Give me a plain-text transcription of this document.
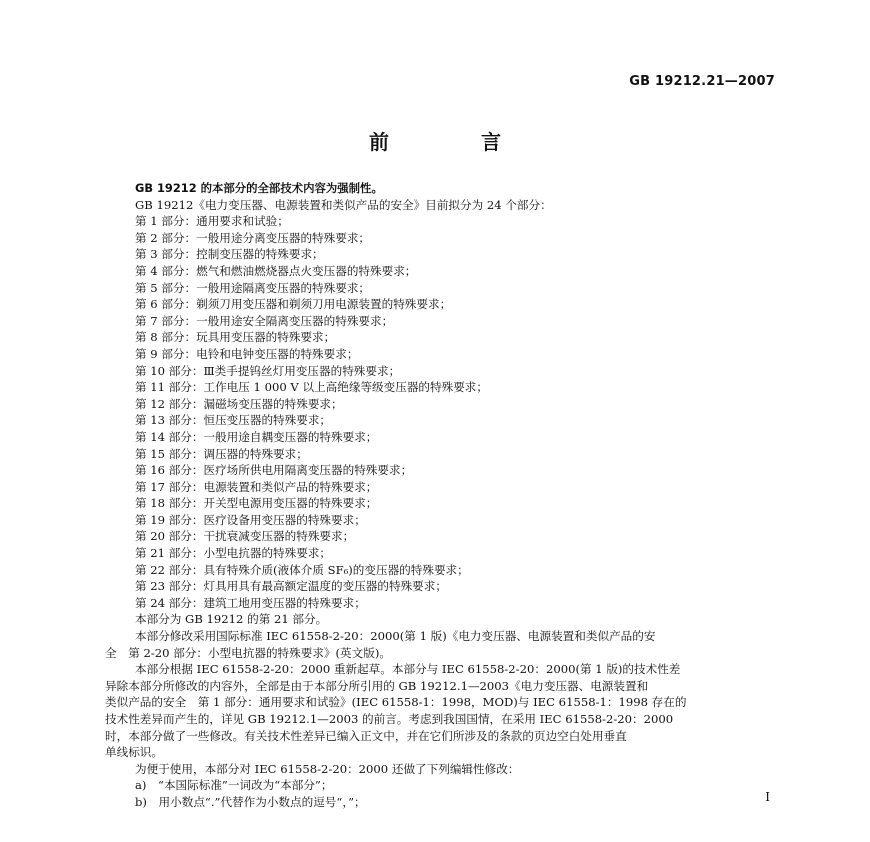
GB 19212.21—2007
前　言
GB 19212 的本部分的全部技术内容为强制性。
GB 19212《电力变压器、电源装置和类似产品的安全》目前拟分为 24 个部分：
第 1 部分：通用要求和试验；
第 2 部分：一般用途分离变压器的特殊要求；
第 3 部分：控制变压器的特殊要求；
第 4 部分：燃气和燃油燃烧器点火变压器的特殊要求；
第 5 部分：一般用途隔离变压器的特殊要求；
第 6 部分：剃须刀用变压器和剃须刀用电源装置的特殊要求；
第 7 部分：一般用途安全隔离变压器的特殊要求；
第 8 部分：玩具用变压器的特殊要求；
第 9 部分：电铃和电钟变压器的特殊要求；
第 10 部分：Ⅲ类手提钨丝灯用变压器的特殊要求；
第 11 部分：工作电压 1 000 V 以上高绝缘等级变压器的特殊要求；
第 12 部分：漏磁场变压器的特殊要求；
第 13 部分：恒压变压器的特殊要求；
第 14 部分：一般用途自耦变压器的特殊要求；
第 15 部分：调压器的特殊要求；
第 16 部分：医疗场所供电用隔离变压器的特殊要求；
第 17 部分：电源装置和类似产品的特殊要求；
第 18 部分：开关型电源用变压器的特殊要求；
第 19 部分：医疗设备用变压器的特殊要求；
第 20 部分：干扰衰减变压器的特殊要求；
第 21 部分：小型电抗器的特殊要求；
第 22 部分：具有特殊介质(液体介质 SF₆)的变压器的特殊要求；
第 23 部分：灯具用具有最高额定温度的变压器的特殊要求；
第 24 部分：建筑工地用变压器的特殊要求；
本部分为 GB 19212 的第 21 部分。
本部分修改采用国际标准 IEC 61558-2-20：2000(第 1 版)《电力变压器、电源装置和类似产品的安
全　第 2-20 部分：小型电抗器的特殊要求》(英文版)。
本部分根据 IEC 61558-2-20：2000 重新起草。本部分与 IEC 61558-2-20：2000(第 1 版)的技术性差
异除本部分所修改的内容外，全部是由于本部分所引用的 GB 19212.1—2003《电力变压器、电源装置和
类似产品的安全　第 1 部分：通用要求和试验》(IEC 61558-1：1998，MOD)与 IEC 61558-1：1998 存在的
技术性差异而产生的，详见 GB 19212.1—2003 的前言。考虑到我国国情，在采用 IEC 61558-2-20：2000
时，本部分做了一些修改。有关技术性差异已编入正文中，并在它们所涉及的条款的页边空白处用垂直
单线标识。
为便于使用，本部分对 IEC 61558-2-20：2000 还做了下列编辑性修改：
a)　“本国际标准”一词改为“本部分”；
b)　用小数点“.”代替作为小数点的逗号“，”；	I
